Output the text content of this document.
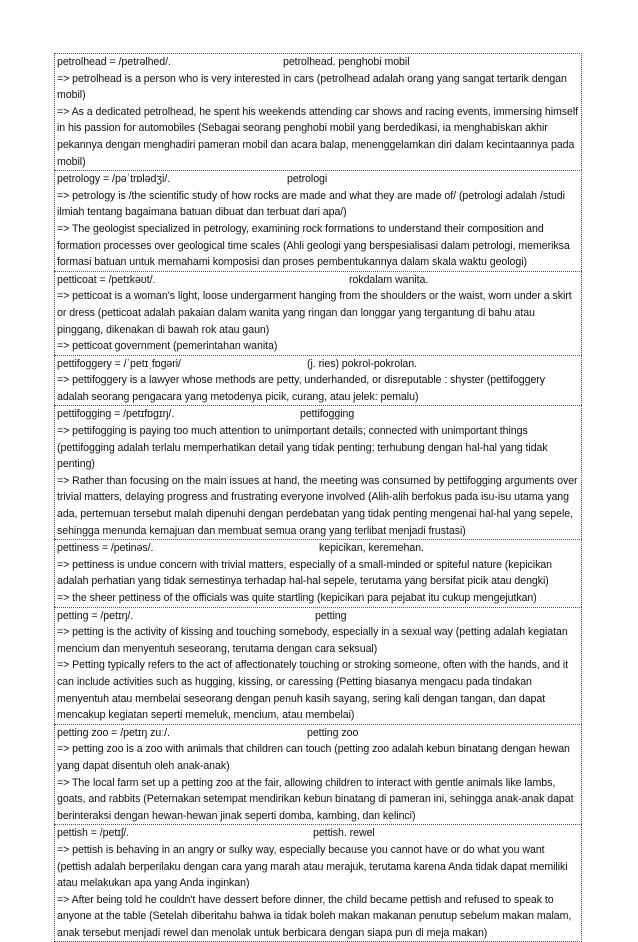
petrolhead = /petrəlhed/.	petrolhead. penghobi mobil
=> petrolhead is a person who is very interested in cars (petrolhead adalah orang yang sangat tertarik dengan mobil)
=> As a dedicated petrolhead, he spent his weekends attending car shows and racing events, immersing himself in his passion for automobiles (Sebagai seorang penghobi mobil yang berdedikasi, ia menghabiskan akhir pekannya dengan menghadiri pameran mobil dan acara balap, menenggelamkan diri dalam kecintaannya pada mobil)
petrology = /pəˈtrɒlədʒi/.	petrologi
=> petrology is /the scientific study of how rocks are made and what they are made of/ (petrologi adalah /studi ilmiah tentang bagaimana batuan dibuat dan terbuat dari apa/)
=> The geologist specialized in petrology, examining rock formations to understand their composition and formation processes over geological time scales (Ahli geologi yang berspesialisasi dalam petrologi, memeriksa formasi batuan untuk memahami komposisi dan proses pembentukannya dalam skala waktu geologi)
petticoat = /petɪkəʊt/.	rokdalam wanita.
=> petticoat is a woman's light, loose undergarment hanging from the shoulders or the waist, worn under a skirt or dress (petticoat adalah pakaian dalam wanita yang ringan dan longgar yang tergantung di bahu atau pinggang, dikenakan di bawah rok atau gaun)
=> petticoat government (pemerintahan wanita)
pettifoggery = /ˈpetɪˌfɒgəri/	(j. ries) pokrol-pokrolan.
=> pettifoggery is a lawyer whose methods are petty, underhanded, or disreputable : shyster (pettifoggery adalah seorang pengacara yang metodenya picik, curang, atau jelek: pemalu)
pettifogging = /petɪfɒgɪŋ/.	pettifogging
=> pettifogging is paying too much attention to unimportant details; connected with unimportant things (pettifogging adalah terlalu memperhatikan detail yang tidak penting; terhubung dengan hal-hal yang tidak penting)
=> Rather than focusing on the main issues at hand, the meeting was consumed by pettifogging arguments over trivial matters, delaying progress and frustrating everyone involved (Alih-alih berfokus pada isu-isu utama yang ada, pertemuan tersebut malah dipenuhi dengan perdebatan yang tidak penting mengenai hal-hal yang sepele, sehingga menunda kemajuan dan membuat semua orang yang terlibat menjadi frustasi)
pettiness = /petinəs/.	kepicikan, keremehan.
=> pettiness is undue concern with trivial matters, especially of a small-minded or spiteful nature (kepicikan adalah perhatian yang tidak semestinya terhadap hal-hal sepele, terutama yang bersifat picik atau dengki)
=> the sheer pettiness of the officials was quite startling (kepicikan para pejabat itu cukup mengejutkan)
petting = /petɪŋ/.	petting
=> petting is the activity of kissing and touching somebody, especially in a sexual way (petting adalah kegiatan mencium dan menyentuh seseorang, terutama dengan cara seksual)
=> Petting typically refers to the act of affectionately touching or stroking someone, often with the hands, and it can include activities such as hugging, kissing, or caressing (Petting biasanya mengacu pada tindakan menyentuh atau membelai seseorang dengan penuh kasih sayang, sering kali dengan tangan, dan dapat mencakup kegiatan seperti memeluk, mencium, atau membelai)
petting zoo = /petɪŋ zuː/.	petting zoo
=> petting zoo is a zoo with animals that children can touch (petting zoo adalah kebun binatang dengan hewan yang dapat disentuh oleh anak-anak)
=> The local farm set up a petting zoo at the fair, allowing children to interact with gentle animals like lambs, goats, and rabbits (Peternakan setempat mendirikan kebun binatang di pameran ini, sehingga anak-anak dapat berinteraksi dengan hewan-hewan jinak seperti domba, kambing, dan kelinci)
pettish = /petɪʃ/.	pettish. rewel
=> pettish is behaving in an angry or sulky way, especially because you cannot have or do what you want (pettish adalah berperilaku dengan cara yang marah atau merajuk, terutama karena Anda tidak dapat memiliki atau melakukan apa yang Anda inginkan)
=> After being told he couldn't have dessert before dinner, the child became pettish and refused to speak to anyone at the table (Setelah diberitahu bahwa ia tidak boleh makan makanan penutup sebelum makan malam, anak tersebut menjadi rewel dan menolak untuk berbicara dengan siapa pun di meja makan)
